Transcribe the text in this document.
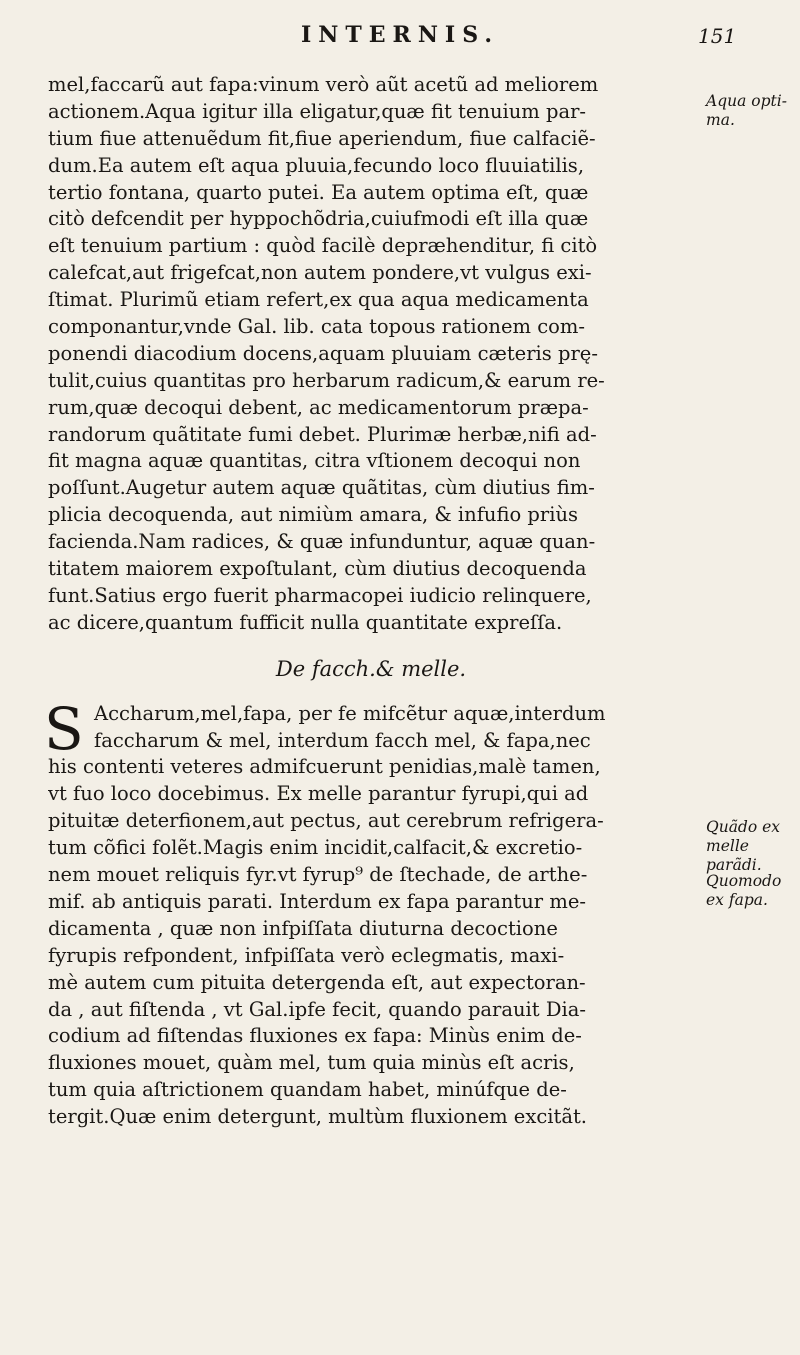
INTERNIS.	151
mel,faccarũ aut fapa:vinum verò aũt acetũ ad meliorem
actionem.Aqua igitur illa eligatur,quæ fit tenuium par-
tium fiue attenuẽdum fit,fiue aperiendum, fiue calfaciẽ-
dum.Ea autem eſt aqua pluuia,fecundo loco fluuiatilis,
tertio fontana, quarto putei. Ea autem optima eſt, quæ
citò defcendit per hyppochõdria,cuiufmodi eſt illa quæ
eſt tenuium partium : quòd facilè depræhenditur, fi citò
calefcat,aut frigefcat,non autem pondere,vt vulgus exi-
ſtimat. Plurimũ etiam refert,ex qua aqua medicamenta
componantur,vnde Gal. lib. cata topous rationem com-
ponendi diacodium docens,aquam pluuiam cæteris prę-
tulit,cuius quantitas pro herbarum radicum,& earum re-
rum,quæ decoqui debent, ac medicamentorum præpa-
randorum quãtitate fumi debet. Plurimæ herbæ,nifi ad-
fit magna aquæ quantitas, citra vſtionem decoqui non
poſſunt.Augetur autem aquæ quãtitas, cùm diutius fim-
plicia decoquenda, aut nimiùm amara, & infufio priùs
facienda.Nam radices, & quæ infunduntur, aquæ quan-
titatem maiorem expoſtulant, cùm diutius decoquenda
funt.Satius ergo fuerit pharmacopei iudicio relinquere,
ac dicere,quantum fufficit nulla quantitate expreſſa.
De facch.& melle.
S Accharum,mel,fapa, per fe mifcẽtur aquæ,interdum
faccharum & mel, interdum facch mel, & fapa,nec
his contenti veteres admifcuerunt penidias,malè tamen,
vt fuo loco docebimus. Ex melle parantur fyrupi,qui ad
pituitæ deterfionem,aut pectus, aut cerebrum refrigera-
tum cõfici folẽt.Magis enim incidit,calfacit,& excretio-
nem mouet reliquis fyr.vt fyrup⁹ de ſtechade, de arthe-
mif. ab antiquis parati. Interdum ex fapa parantur me-
dicamenta , quæ non infpiſſata diuturna decoctione
fyrupis refpondent, infpiſſata verò eclegmatis, maxi-
mè autem cum pituita detergenda eſt, aut expectoran-
da , aut fiſtenda , vt Gal.ipfe fecit, quando parauit Dia-
codium ad fiſtendas fluxiones ex fapa: Minùs enim de-
fluxiones mouet, quàm mel, tum quia minùs eſt acris,
tum quia aſtrictionem quandam habet, minúfque de-
tergit.Quæ enim detergunt, multùm fluxionem excitãt.
Aqua opti-ma.
Quãdo ex melle parãdi.
Quomodo ex fapa.
